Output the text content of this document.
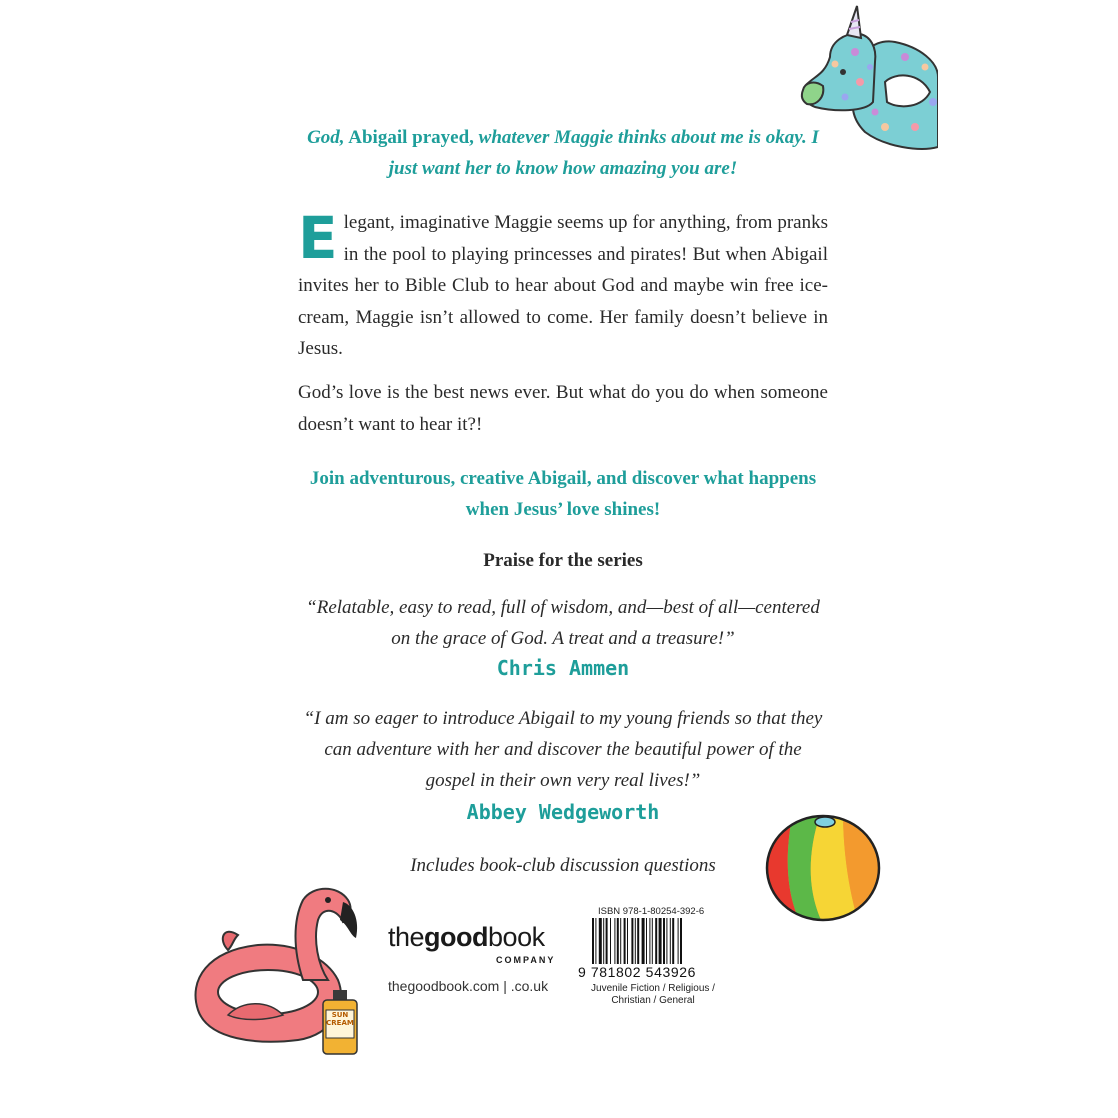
God, Abigail prayed, whatever Maggie thinks about me is okay. I just want her to know how amazing you are!
Elegant, imaginative Maggie seems up for anything, from pranks in the pool to playing princesses and pirates! But when Abigail invites her to Bible Club to hear about God and maybe win free ice-cream, Maggie isn’t allowed to come. Her family doesn’t believe in Jesus.
God’s love is the best news ever. But what do you do when someone doesn’t want to hear it?!
Join adventurous, creative Abigail, and discover what happens when Jesus’ love shines!
Praise for the series
“Relatable, easy to read, full of wisdom, and—best of all—centered on the grace of God. A treat and a treasure!”
Chris Ammen
“I am so eager to introduce Abigail to my young friends so that they can adventure with her and discover the beautiful power of the gospel in their own very real lives!”
Abbey Wedgeworth
Includes book-club discussion questions
SUN CREAM
thegoodbook
COMPANY
thegoodbook.com | .co.uk
ISBN 978-1-80254-392-6
9 781802 543926
Juvenile Fiction / Religious / Christian / General
